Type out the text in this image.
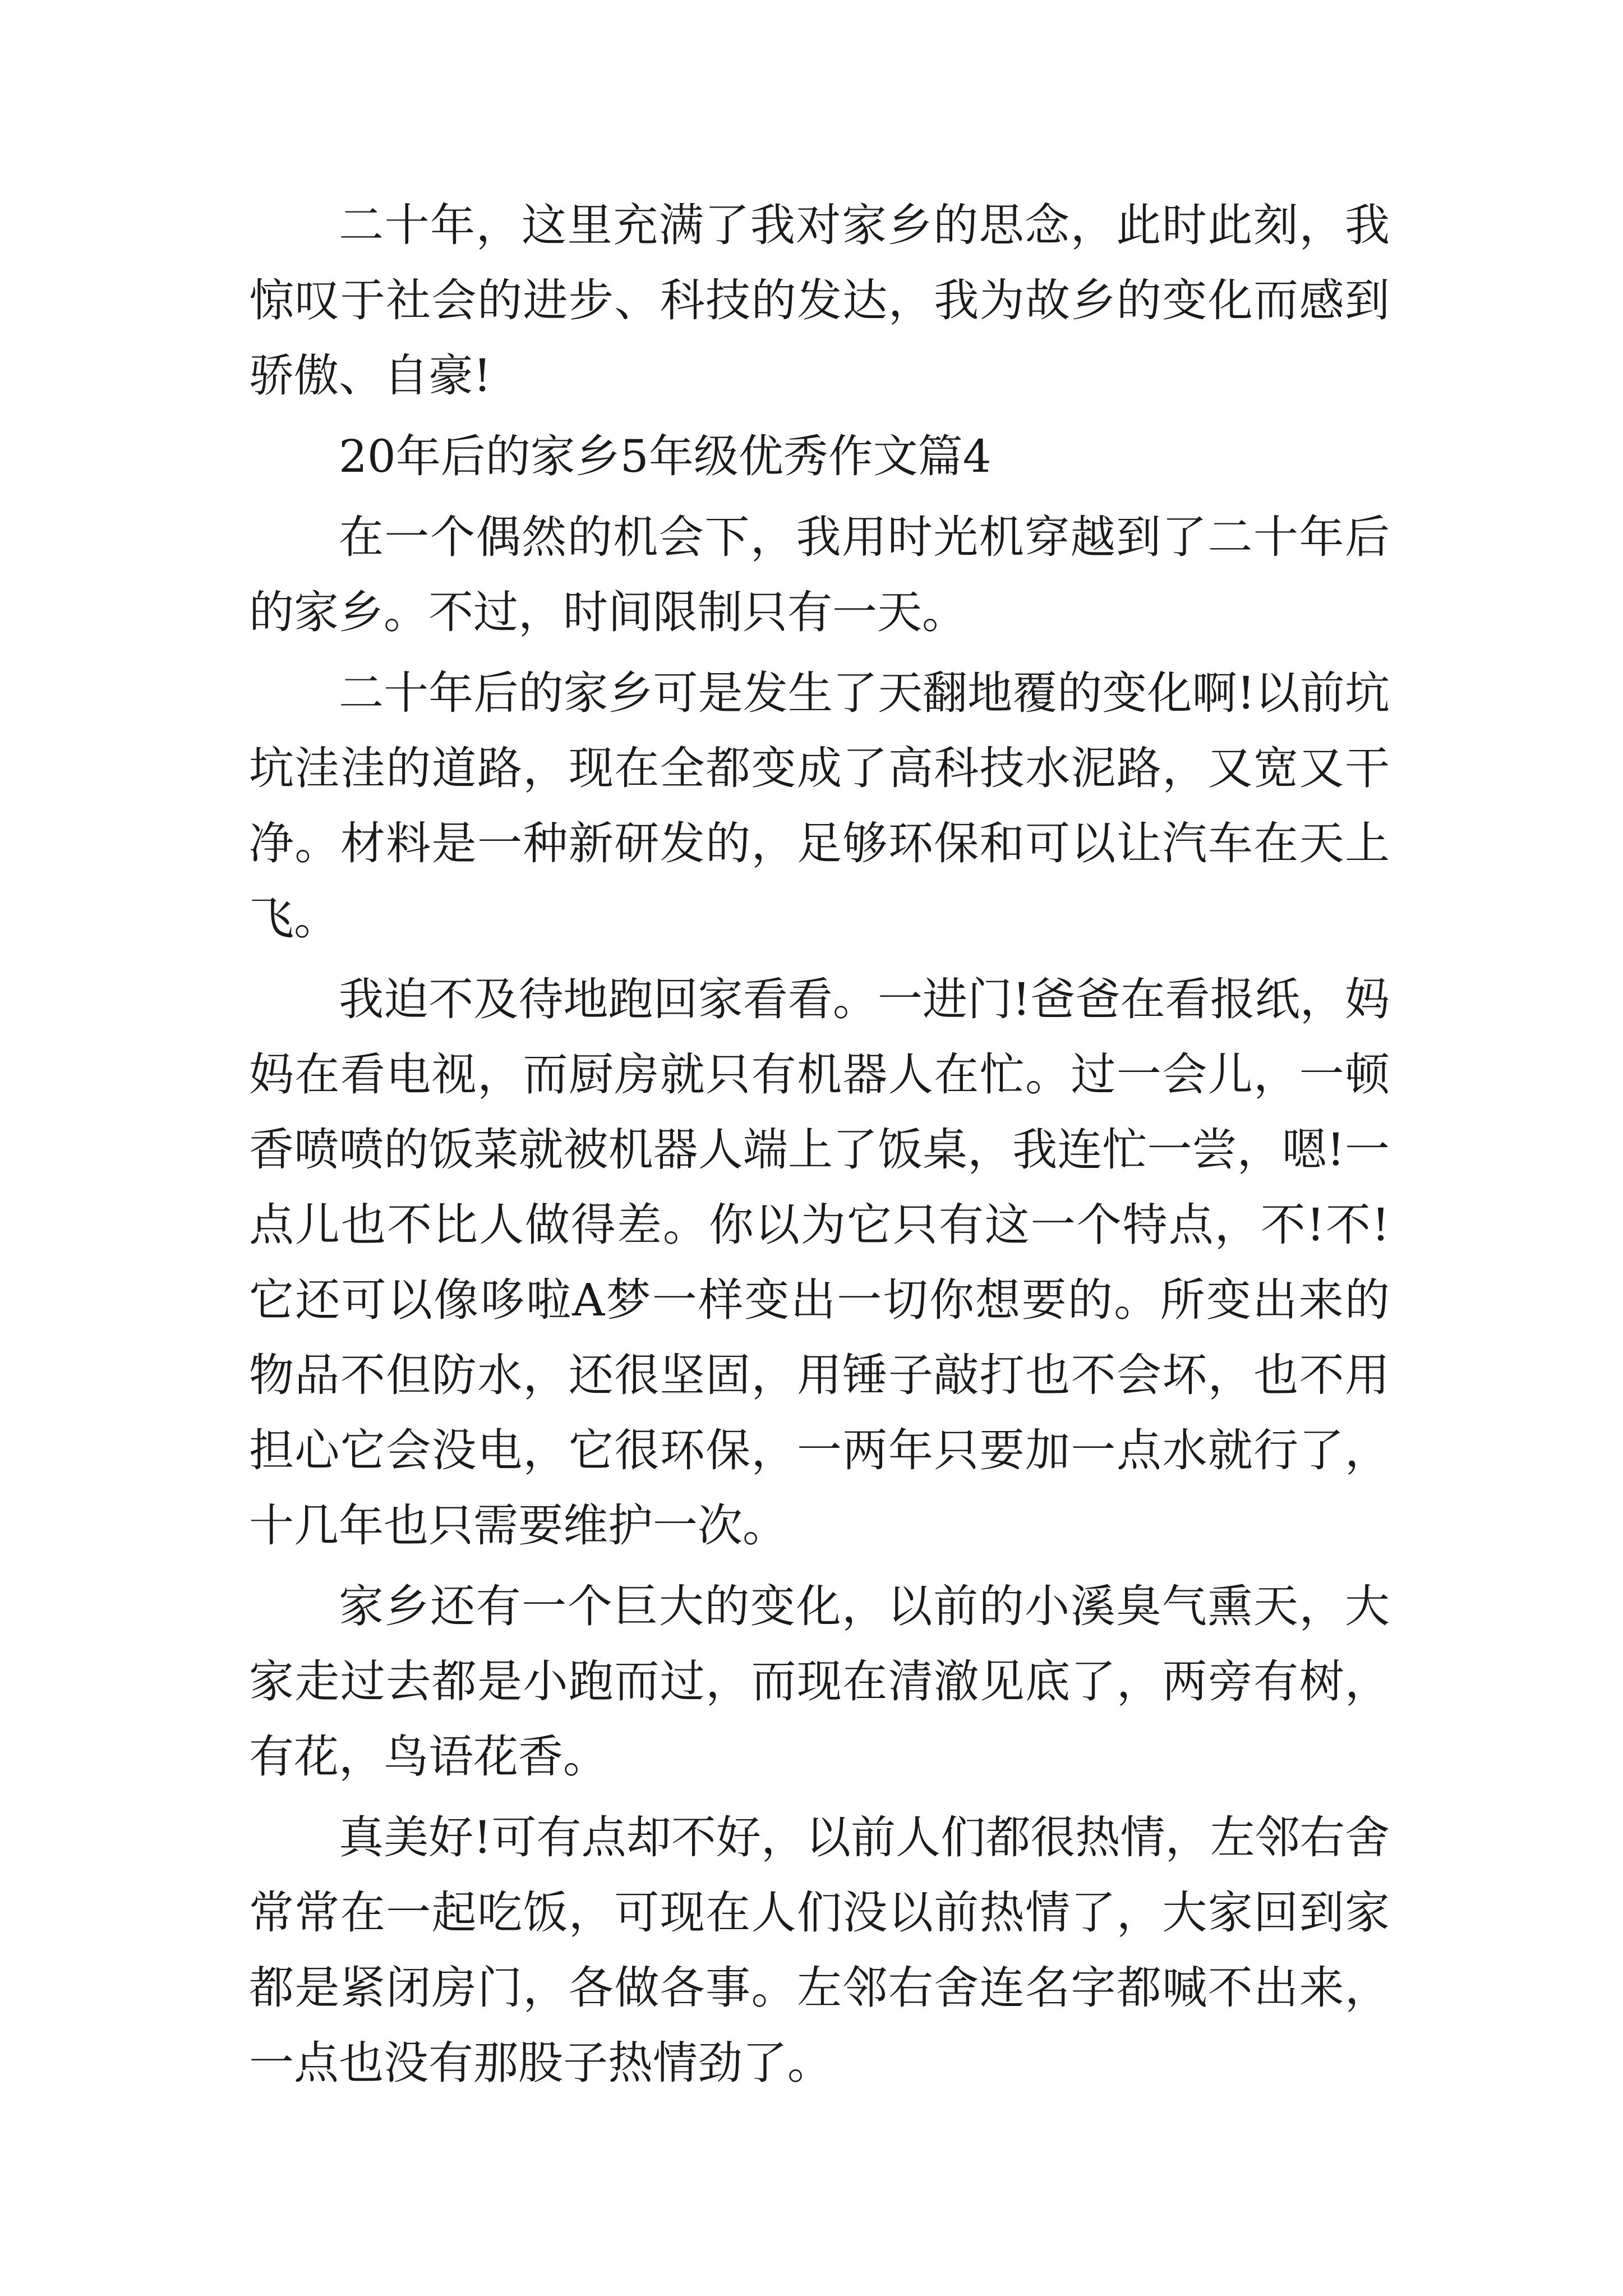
二十年，这里充满了我对家乡的思念，此时此刻，我惊叹于社会的进步、科技的发达，我为故乡的变化而感到骄傲、自豪!

20年后的家乡5年级优秀作文篇4

在一个偶然的机会下，我用时光机穿越到了二十年后的家乡。不过，时间限制只有一天。

二十年后的家乡可是发生了天翻地覆的变化啊!以前坑坑洼洼的道路，现在全都变成了高科技水泥路，又宽又干净。材料是一种新研发的，足够环保和可以让汽车在天上飞。

我迫不及待地跑回家看看。一进门!爸爸在看报纸，妈妈在看电视，而厨房就只有机器人在忙。过一会儿，一顿香喷喷的饭菜就被机器人端上了饭桌，我连忙一尝，嗯!一点儿也不比人做得差。你以为它只有这一个特点，不!不!它还可以像哆啦A梦一样变出一切你想要的。所变出来的物品不但防水，还很坚固，用锤子敲打也不会坏，也不用担心它会没电，它很环保，一两年只要加一点水就行了，十几年也只需要维护一次。

家乡还有一个巨大的变化，以前的小溪臭气熏天，大家走过去都是小跑而过，而现在清澈见底了，两旁有树，有花，鸟语花香。

真美好!可有点却不好，以前人们都很热情，左邻右舍常常在一起吃饭，可现在人们没以前热情了，大家回到家都是紧闭房门，各做各事。左邻右舍连名字都喊不出来，一点也没有那股子热情劲了。
